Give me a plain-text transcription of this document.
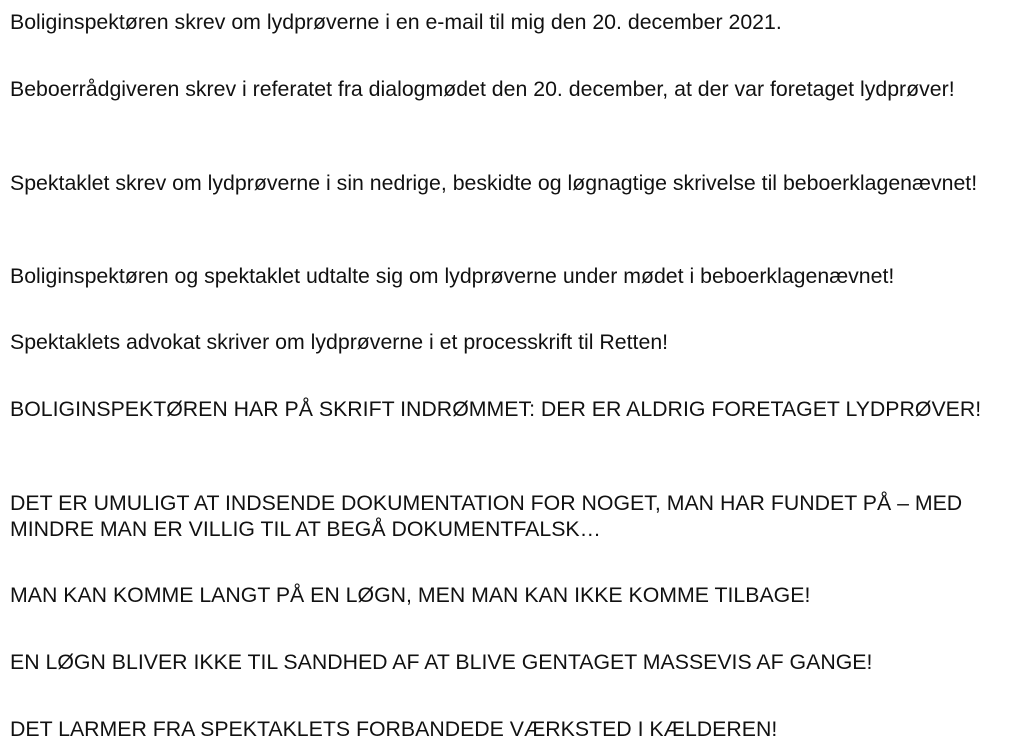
Boliginspektøren skrev om lydprøverne i en e-mail til mig den 20. december 2021.

Beboerrådgiveren skrev i referatet fra dialogmødet den 20. december, at der var foretaget lydprøver!

Spektaklet skrev om lydprøverne i sin nedrige, beskidte og løgnagtige skrivelse til beboerklagenævnet!

Boliginspektøren og spektaklet udtalte sig om lydprøverne under mødet i beboerklagenævnet!

Spektaklets advokat skriver om lydprøverne i et processkrift til Retten!

BOLIGINSPEKTØREN HAR PÅ SKRIFT INDRØMMET: DER ER ALDRIG FORETAGET LYDPRØVER!

DET ER UMULIGT AT INDSENDE DOKUMENTATION FOR NOGET, MAN HAR FUNDET PÅ – MED MINDRE MAN ER VILLIG TIL AT BEGÅ DOKUMENTFALSK…

MAN KAN KOMME LANGT PÅ EN LØGN, MEN MAN KAN IKKE KOMME TILBAGE!

EN LØGN BLIVER IKKE TIL SANDHED AF AT BLIVE GENTAGET MASSEVIS AF GANGE!

DET LARMER FRA SPEKTAKLETS FORBANDEDE VÆRKSTED I KÆLDEREN!
